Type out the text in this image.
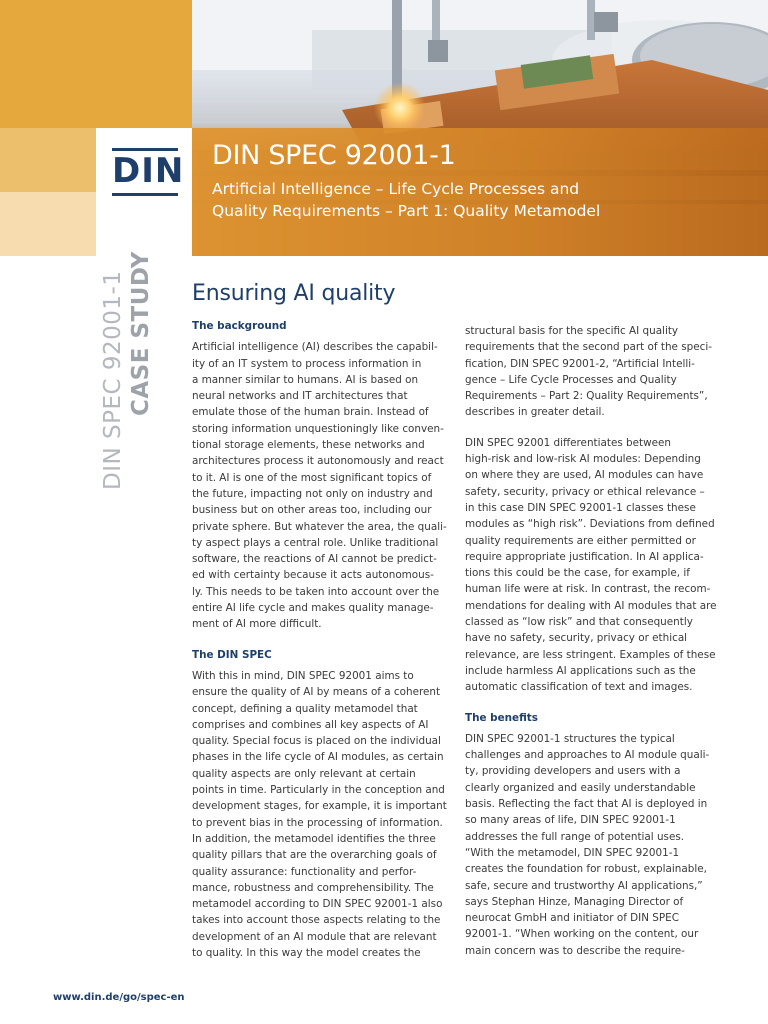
DIN DIN SPEC 92001-1
Artificial Intelligence – Life Cycle Processes and
Quality Requirements – Part 1: Quality Metamodel
DIN SPEC 92001-1 CASE STUDY Ensuring AI quality
The background

Artificial intelligence (AI) describes the capabil-
ity of an IT system to process information in
a manner similar to humans. AI is based on
neural networks and IT architectures that
emulate those of the human brain. Instead of
storing information unquestioningly like conven-
tional storage elements, these networks and
architectures process it autonomously and react
to it. AI is one of the most significant topics of
the future, impacting not only on industry and
business but on other areas too, including our
private sphere. But whatever the area, the quali-
ty aspect plays a central role. Unlike traditional
software, the reactions of AI cannot be predict-
ed with certainty because it acts autonomous-
ly. This needs to be taken into account over the
entire AI life cycle and makes quality manage-
ment of AI more difficult.

The DIN SPEC

With this in mind, DIN SPEC 92001 aims to
ensure the quality of AI by means of a coherent
concept, defining a quality metamodel that
comprises and combines all key aspects of AI
quality. Special focus is placed on the individual
phases in the life cycle of AI modules, as certain
quality aspects are only relevant at certain
points in time. Particularly in the conception and
development stages, for example, it is important
to prevent bias in the processing of information.
In addition, the metamodel identifies the three
quality pillars that are the overarching goals of
quality assurance: functionality and perfor-
mance, robustness and comprehensibility. The
metamodel according to DIN SPEC 92001-1 also
takes into account those aspects relating to the
development of an AI module that are relevant
to quality. In this way the model creates the

structural basis for the specific AI quality
requirements that the second part of the speci-
fication, DIN SPEC 92001-2, “Artificial Intelli-
gence – Life Cycle Processes and Quality
Requirements – Part 2: Quality Requirements”,
describes in greater detail.

DIN SPEC 92001 differentiates between
high-risk and low-risk AI modules: Depending
on where they are used, AI modules can have
safety, security, privacy or ethical relevance –
in this case DIN SPEC 92001-1 classes these
modules as “high risk”. Deviations from defined
quality requirements are either permitted or
require appropriate justification. In AI applica-
tions this could be the case, for example, if
human life were at risk. In contrast, the recom-
mendations for dealing with AI modules that are
classed as “low risk” and that consequently
have no safety, security, privacy or ethical
relevance, are less stringent. Examples of these
include harmless AI applications such as the
automatic classification of text and images.

The benefits

DIN SPEC 92001-1 structures the typical
challenges and approaches to AI module quali-
ty, providing developers and users with a
clearly organized and easily understandable
basis. Reflecting the fact that AI is deployed in
so many areas of life, DIN SPEC 92001-1
addresses the full range of potential uses.
“With the metamodel, DIN SPEC 92001-1
creates the foundation for robust, explainable,
safe, secure and trustworthy AI applications,”
says Stephan Hinze, Managing Director of
neurocat GmbH and initiator of DIN SPEC
92001-1. “When working on the content, our
main concern was to describe the require-

www.din.de/go/spec-en
